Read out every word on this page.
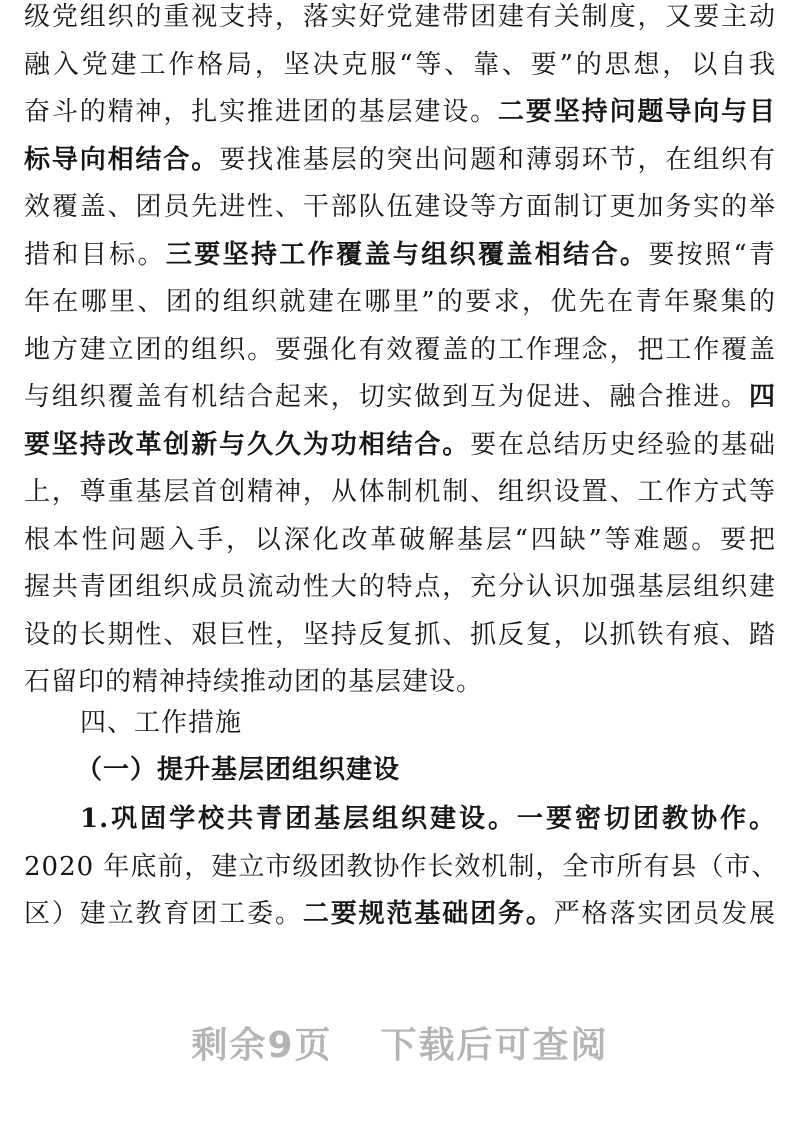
级党组织的重视支持，落实好党建带团建有关制度，又要主动
融入党建工作格局，坚决克服“等、靠、要”的思想，以自我
奋斗的精神，扎实推进团的基层建设。二要坚持问题导向与目
标导向相结合。要找准基层的突出问题和薄弱环节，在组织有
效覆盖、团员先进性、干部队伍建设等方面制订更加务实的举
措和目标。三要坚持工作覆盖与组织覆盖相结合。要按照“青
年在哪里、团的组织就建在哪里”的要求，优先在青年聚集的
地方建立团的组织。要强化有效覆盖的工作理念，把工作覆盖
与组织覆盖有机结合起来，切实做到互为促进、融合推进。四
要坚持改革创新与久久为功相结合。要在总结历史经验的基础
上，尊重基层首创精神，从体制机制、组织设置、工作方式等
根本性问题入手，以深化改革破解基层“四缺”等难题。要把
握共青团组织成员流动性大的特点，充分认识加强基层组织建
设的长期性、艰巨性，坚持反复抓、抓反复，以抓铁有痕、踏
石留印的精神持续推动团的基层建设。
四、工作措施
（一）提升基层团组织建设
1.巩固学校共青团基层组织建设。一要密切团教协作。
2020 年底前，建立市级团教协作长效机制，全市所有县（市、
区）建立教育团工委。二要规范基础团务。严格落实团员发展
剩余9页 下载后可查阅
